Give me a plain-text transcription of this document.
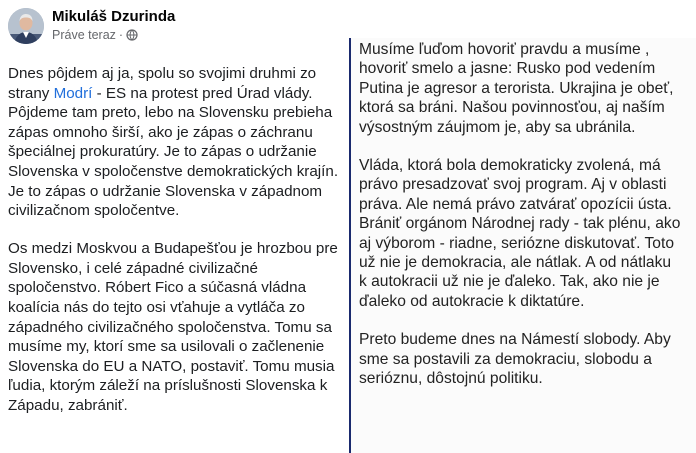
Mikuláš Dzurinda
Práve teraz ·

Dnes pôjdem aj ja, spolu so svojimi druhmi zo strany Modrí - ES na protest pred Úrad vlády. Pôjdeme tam preto, lebo na Slovensku prebieha zápas omnoho širší, ako je zápas o záchranu špeciálnej prokuratúry. Je to zápas o udržanie Slovenska v spoločenstve demokratických krajín. Je to zápas o udržanie Slovenska v západnom civilizačnom spoločentve.

Os medzi Moskvou a Budapešťou je hrozbou pre Slovensko, i celé západné civilizačné spoločenstvo. Róbert Fico a súčasná vládna koalícia nás do tejto osi vťahuje a vytláča zo západného civilizačného spoločenstva. Tomu sa musíme my, ktorí sme sa usilovali o začlenenie Slovenska do EU a NATO, postaviť. Tomu musia ľudia, ktorým záleží na príslušnosti Slovenska k Západu, zabrániť.

Musíme ľuďom hovoriť pravdu a musíme ,
hovoriť smelo a jasne: Rusko pod vedením
Putina je agresor a terorista. Ukrajina je obeť,
ktorá sa bráni. Našou povinnosťou, aj naším
výsostným záujmom je, aby sa ubránila.
Vláda, ktorá bola demokraticky zvolená, má
právo presadzovať svoj program. Aj v oblasti
práva. Ale nemá právo zatvárať opozícii ústa.
Brániť orgánom Národnej rady - tak plénu, ako
aj výborom - riadne, seriózne diskutovať. Toto
už nie je demokracia, ale nátlak. A od nátlaku
k autokracii už nie je ďaleko. Tak, ako nie je
ďaleko od autokracie k diktatúre.
Preto budeme dnes na Námestí slobody. Aby
sme sa postavili za demokraciu, slobodu a
serióznu, dôstojnú politiku.
